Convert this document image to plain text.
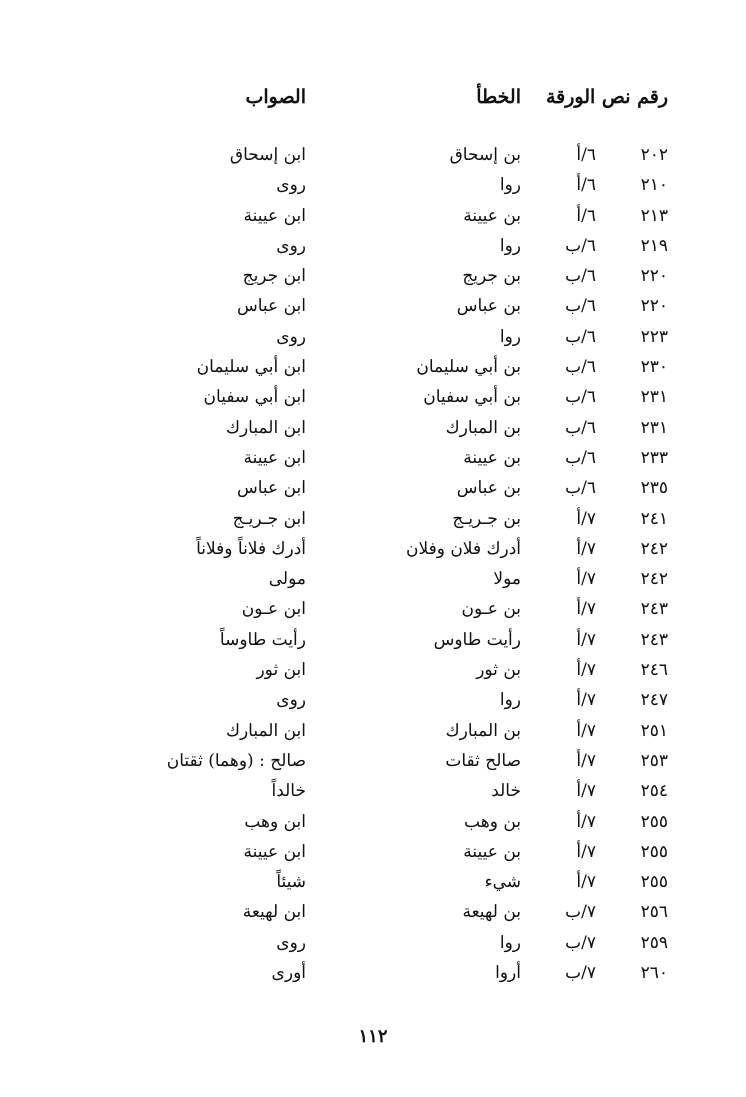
رقم نص الورقة
الخطأ
الصواب
٢٠٢
٦/أ
بن إسحاق
ابن إسحاق
٢١٠
٦/أ
روا
روى
٢١٣
٦/أ
بن عيينة
ابن عيينة
٢١٩
٦/ب
روا
روى
٢٢٠
٦/ب
بن جريج
ابن جريج
٢٢٠
٦/ب
بن عباس
ابن عباس
٢٢٣
٦/ب
روا
روى
٢٣٠
٦/ب
بن أبي سليمان
ابن أبي سليمان
٢٣١
٦/ب
بن أبي سفيان
ابن أبي سفيان
٢٣١
٦/ب
بن المبارك
ابن المبارك
٢٣٣
٦/ب
بن عيينة
ابن عيينة
٢٣٥
٦/ب
بن عباس
ابن عباس
٢٤١
٧/أ
بن جـريـج
ابن جـريـج
٢٤٢
٧/أ
أدرك فلان وفلان
أدرك فلاناً وفلاناً
٢٤٢
٧/أ
مولا
مولى
٢٤٣
٧/أ
بن عـون
ابن عـون
٢٤٣
٧/أ
رأيت طاوس
رأيت طاوساً
٢٤٦
٧/أ
بن ثور
ابن ثور
٢٤٧
٧/أ
روا
روى
٢٥١
٧/أ
بن المبارك
ابن المبارك
٢٥٣
٧/أ
صالح ثقات
صالح : (وهما) ثقتان
٢٥٤
٧/أ
خالد
خالداً
٢٥٥
٧/أ
بن وهب
ابن وهب
٢٥٥
٧/أ
بن عيينة
ابن عيينة
٢٥٥
٧/أ
شيء
شيئاً
٢٥٦
٧/ب
بن لهيعة
ابن لهيعة
٢٥٩
٧/ب
روا
روى
٢٦٠
٧/ب
أروا
أورى
١١٢
